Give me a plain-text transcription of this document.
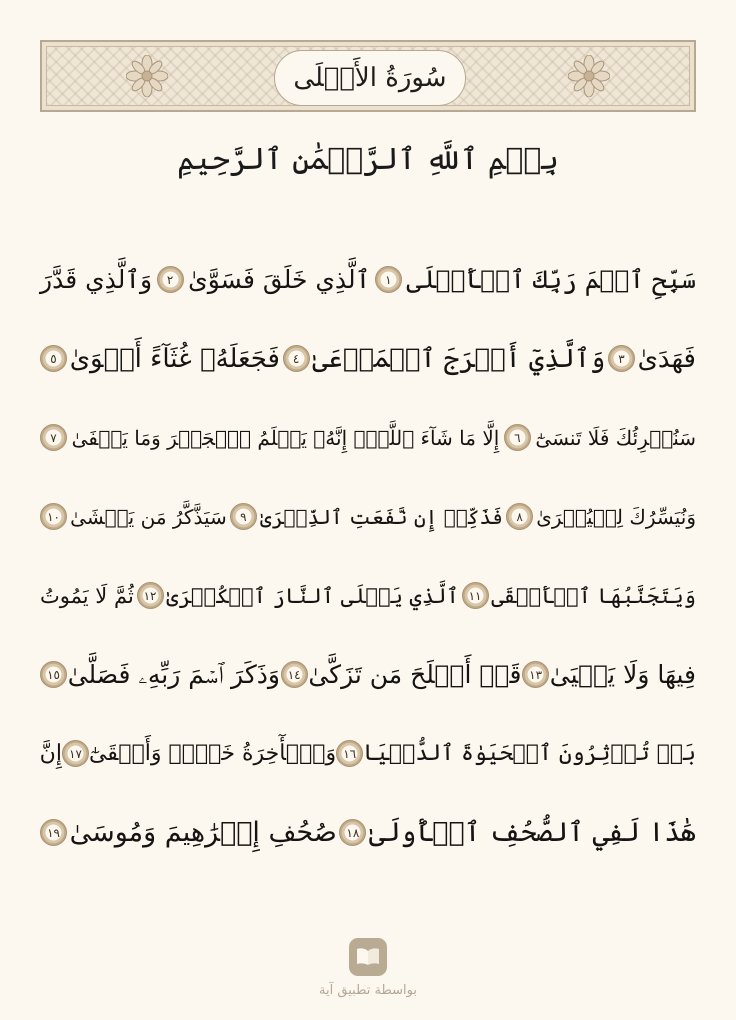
سُورَةُ الأَعۡلَى
بِسۡمِ ٱللَّهِ ٱلرَّحۡمَٰنِ ٱلرَّحِيمِ
سَبِّحِ ٱسۡمَ رَبِّكَ ٱلۡأَعۡلَى
١
ٱلَّذِي خَلَقَ فَسَوَّىٰ
٢
وَٱلَّذِي قَدَّرَ
فَهَدَىٰ
٣
وَٱلَّذِيٓ أَخۡرَجَ ٱلۡمَرۡعَىٰ
٤
فَجَعَلَهُۥ غُثَآءً أَحۡوَىٰ
٥
سَنُقۡرِئُكَ فَلَا تَنسَىٰٓ
٦
إِلَّا مَا شَآءَ ٱللَّهُۚ إِنَّهُۥ يَعۡلَمُ ٱلۡجَهۡرَ وَمَا يَخۡفَىٰ
٧
وَنُيَسِّرُكَ لِلۡيُسۡرَىٰ
٨
فَذَكِّرۡ إِن نَّفَعَتِ ٱلذِّكۡرَىٰ
٩
سَيَذَّكَّرُ مَن يَخۡشَىٰ
١٠
وَيَتَجَنَّبُهَا ٱلۡأَشۡقَى
١١
ٱلَّذِي يَصۡلَى ٱلنَّارَ ٱلۡكُبۡرَىٰ
١٢
ثُمَّ لَا يَمُوتُ
فِيهَا وَلَا يَحۡيَىٰ
١٣
قَدۡ أَفۡلَحَ مَن تَزَكَّىٰ
١٤
وَذَكَرَ ٱسۡمَ رَبِّهِۦ فَصَلَّىٰ
١٥
بَلۡ تُؤۡثِرُونَ ٱلۡحَيَوٰةَ ٱلدُّنۡيَا
١٦
وَٱلۡأٓخِرَةُ خَيۡرٞ وَأَبۡقَىٰٓ
١٧
إِنَّ
هَٰذَا لَفِي ٱلصُّحُفِ ٱلۡأُولَىٰ
١٨
صُحُفِ إِبۡرَٰهِيمَ وَمُوسَىٰ
١٩
بواسطة تطبيق آية
